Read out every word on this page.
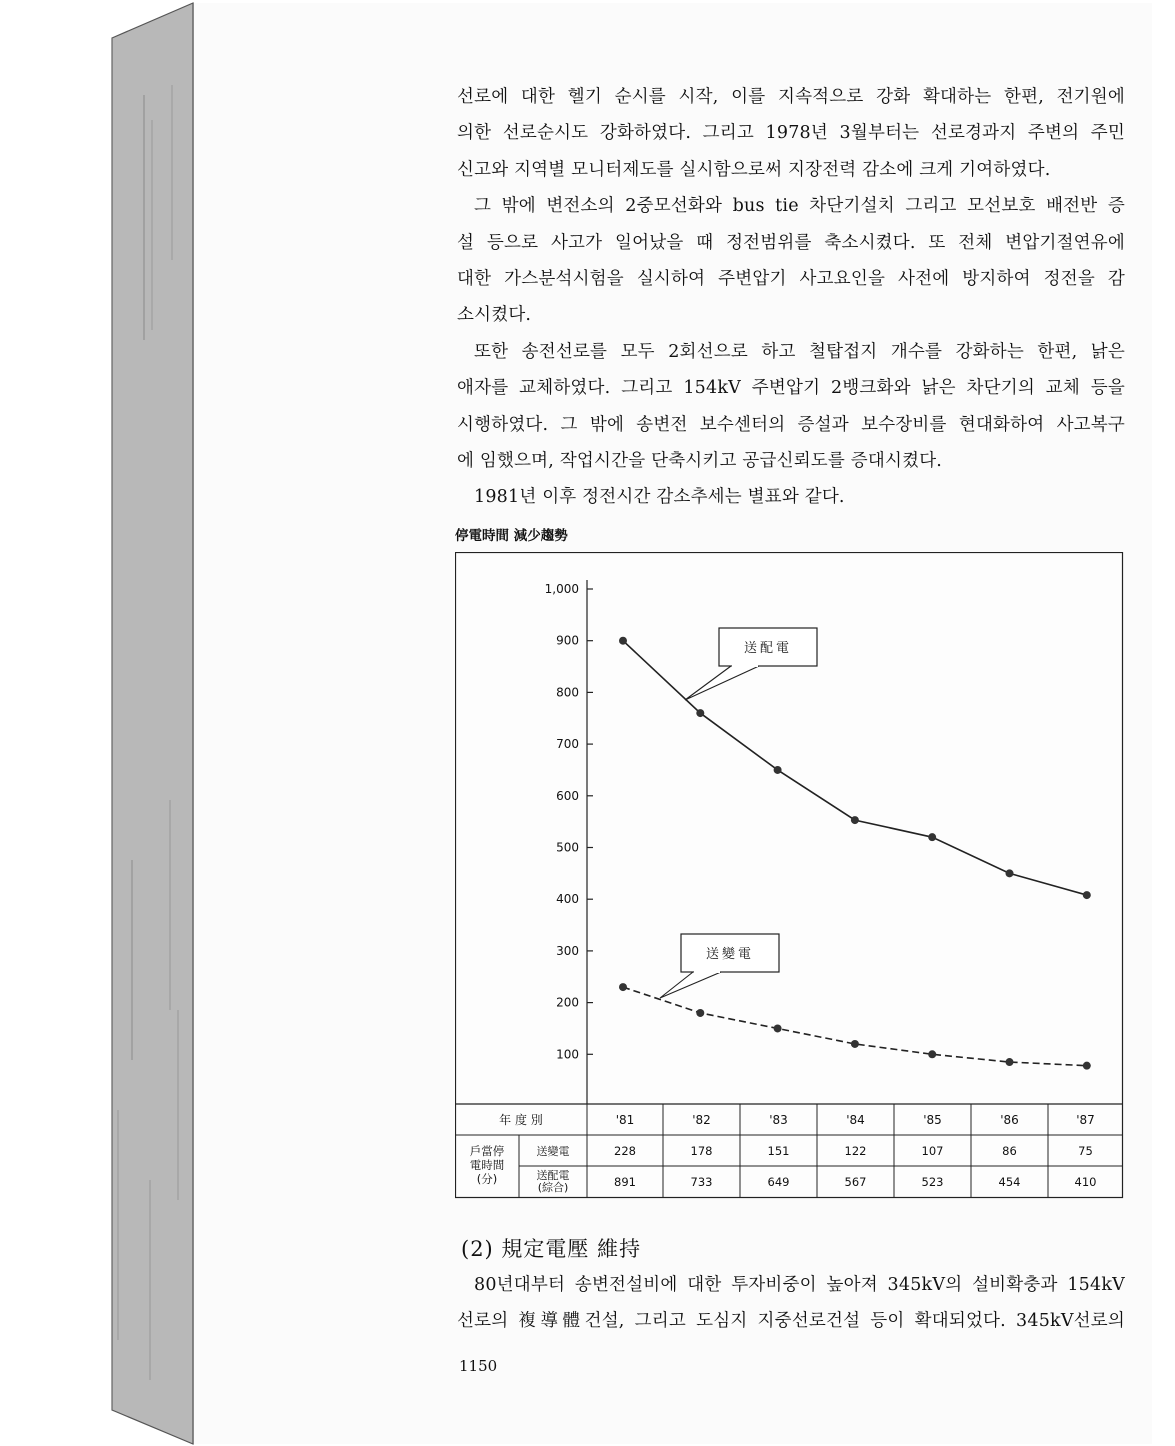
선로에 대한 헬기 순시를 시작, 이를 지속적으로 강화 확대하는 한편, 전기원에

의한 선로순시도 강화하였다. 그리고 1978년 3월부터는 선로경과지 주변의 주민

신고와 지역별 모니터제도를 실시함으로써 지장전력 감소에 크게 기여하였다.

그 밖에 변전소의 2중모선화와 bus tie 차단기설치 그리고 모선보호 배전반 증

설 등으로 사고가 일어났을 때 정전범위를 축소시켰다. 또 전체 변압기절연유에

대한 가스분석시험을 실시하여 주변압기 사고요인을 사전에 방지하여 정전을 감

소시켰다.

또한 송전선로를 모두 2회선으로 하고 철탑접지 개수를 강화하는 한편, 낡은

애자를 교체하였다. 그리고 154kV 주변압기 2뱅크화와 낡은 차단기의 교체 등을

시행하였다. 그 밖에 송변전 보수센터의 증설과 보수장비를 현대화하여 사고복구

에 임했으며, 작업시간을 단축시키고 공급신뢰도를 증대시켰다.

1981년 이후 정전시간 감소추세는 별표와 같다.

停電時間 減少趨勢
1,000
900
800
700
600
500
400
300
200
100
送配電
送變電
年 度 別	'81	'82	'83	'84	'85	'86	'87
戶當停
電時間
(分)
送變電	228	178	151	122	107	86	75
送配電
(綜合)	891	733	649	567	523	454	410
(2) 規定電壓 維持

80년대부터 송변전설비에 대한 투자비중이 높아져 345kV의 설비확충과 154kV

선로의 複導體건설, 그리고 도심지 지중선로건설 등이 확대되었다. 345kV선로의

1150
